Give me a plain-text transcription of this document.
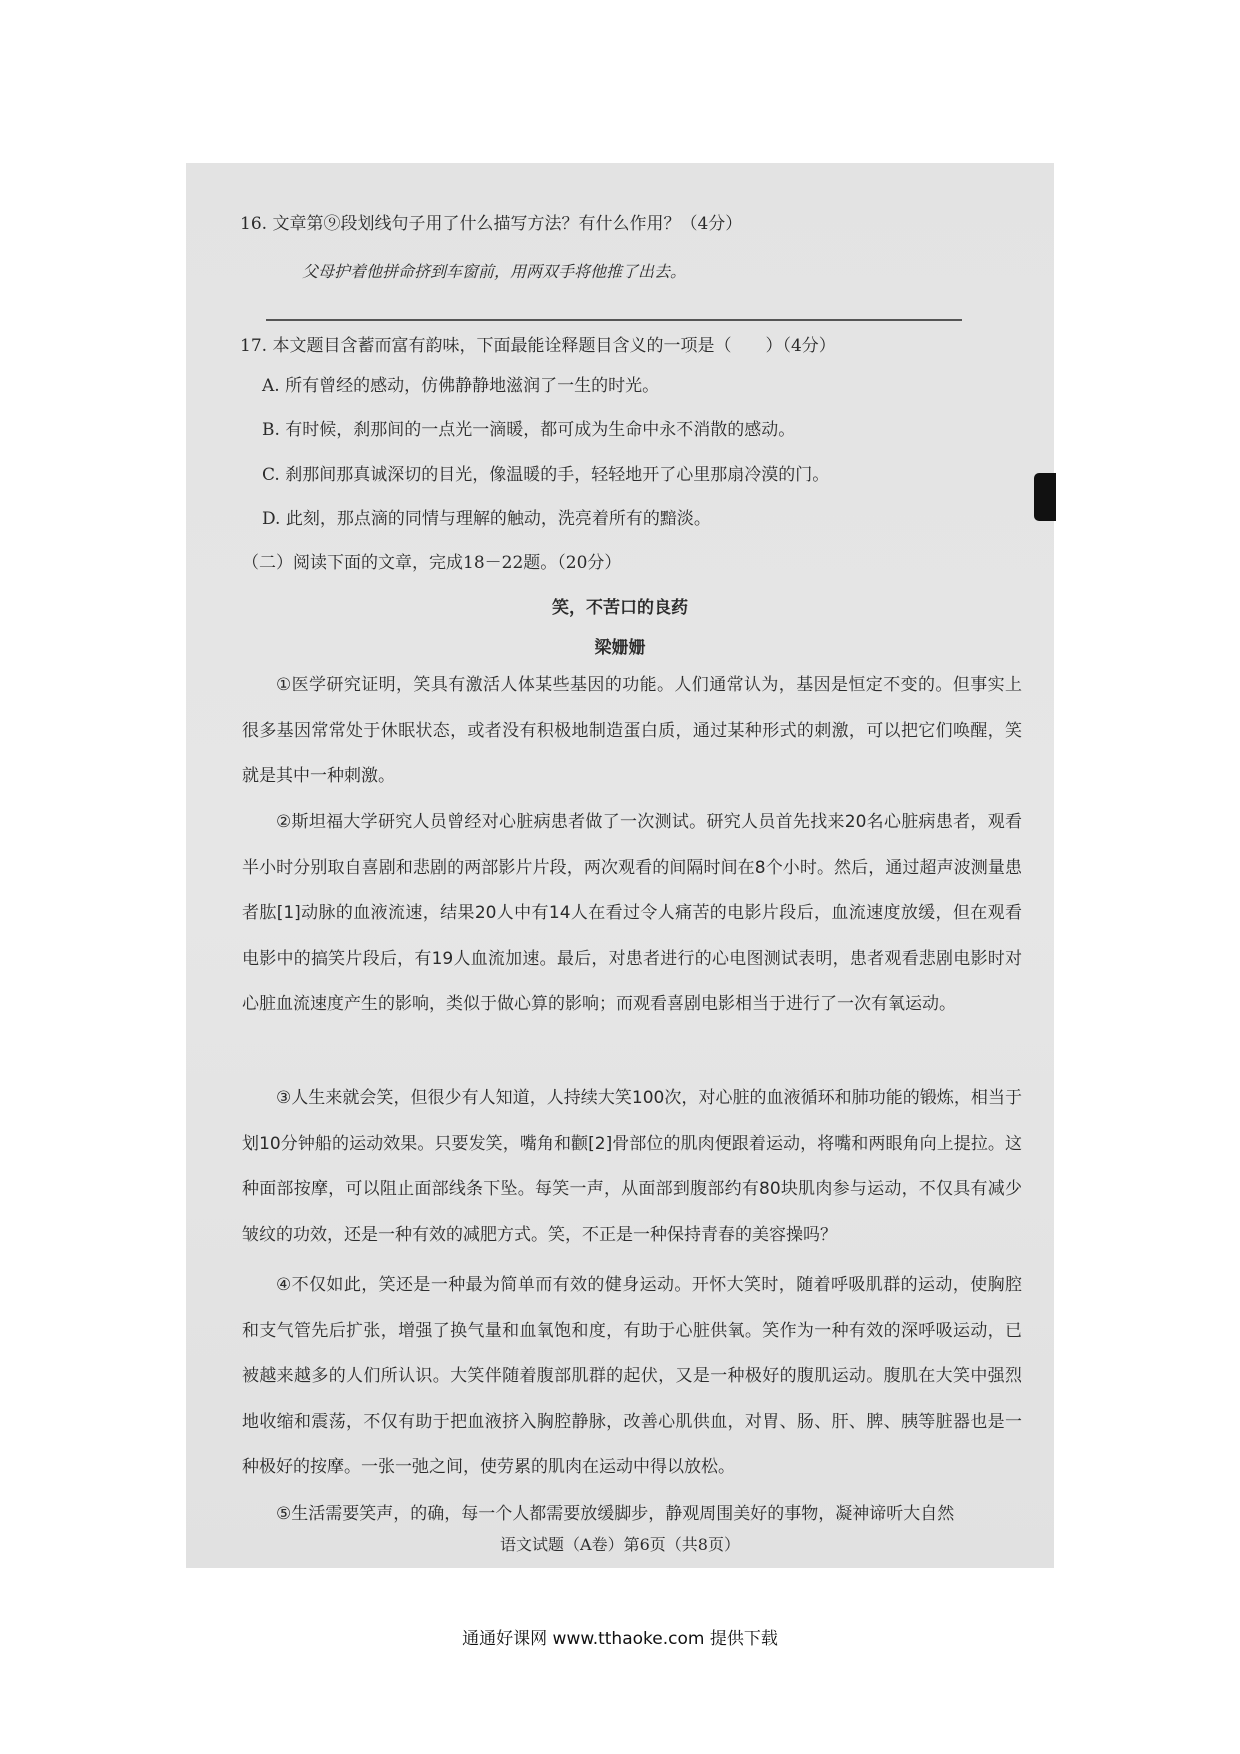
16. 文章第⑨段划线句子用了什么描写方法？有什么作用？（4分）
父母护着他拼命挤到车窗前，用两双手将他推了出去。
17. 本文题目含蓄而富有韵味，下面最能诠释题目含义的一项是（　　）（4分）
A. 所有曾经的感动，仿佛静静地滋润了一生的时光。
B. 有时候，刹那间的一点光一滴暖，都可成为生命中永不消散的感动。
C. 刹那间那真诚深切的目光，像温暖的手，轻轻地开了心里那扇冷漠的门。
D. 此刻，那点滴的同情与理解的触动，洗亮着所有的黯淡。
（二）阅读下面的文章，完成18－22题。（20分）
笑，不苦口的良药
梁姗姗

①医学研究证明，笑具有激活人体某些基因的功能。人们通常认为，基因是恒定不变的。但事实上很多基因常常处于休眠状态，或者没有积极地制造蛋白质，通过某种形式的刺激，可以把它们唤醒，笑就是其中一种刺激。

②斯坦福大学研究人员曾经对心脏病患者做了一次测试。研究人员首先找来20名心脏病患者，观看半小时分别取自喜剧和悲剧的两部影片片段，两次观看的间隔时间在8个小时。然后，通过超声波测量患者肱[1]动脉的血液流速，结果20人中有14人在看过令人痛苦的电影片段后，血流速度放缓，但在观看电影中的搞笑片段后，有19人血流加速。最后，对患者进行的心电图测试表明，患者观看悲剧电影时对心脏血流速度产生的影响，类似于做心算的影响；而观看喜剧电影相当于进行了一次有氧运动。

③人生来就会笑，但很少有人知道，人持续大笑100次，对心脏的血液循环和肺功能的锻炼，相当于划10分钟船的运动效果。只要发笑，嘴角和颧[2]骨部位的肌肉便跟着运动，将嘴和两眼角向上提拉。这种面部按摩，可以阻止面部线条下坠。每笑一声，从面部到腹部约有80块肌肉参与运动，不仅具有减少皱纹的功效，还是一种有效的减肥方式。笑，不正是一种保持青春的美容操吗？

④不仅如此，笑还是一种最为简单而有效的健身运动。开怀大笑时，随着呼吸肌群的运动，使胸腔和支气管先后扩张，增强了换气量和血氧饱和度，有助于心脏供氧。笑作为一种有效的深呼吸运动，已被越来越多的人们所认识。大笑伴随着腹部肌群的起伏，又是一种极好的腹肌运动。腹肌在大笑中强烈地收缩和震荡，不仅有助于把血液挤入胸腔静脉，改善心肌供血，对胃、肠、肝、脾、胰等脏器也是一种极好的按摩。一张一弛之间，使劳累的肌肉在运动中得以放松。

⑤生活需要笑声，的确，每一个人都需要放缓脚步，静观周围美好的事物，凝神谛听大自然

语文试题（A卷）第6页（共8页）
通通好课网 www.tthaoke.com 提供下载
